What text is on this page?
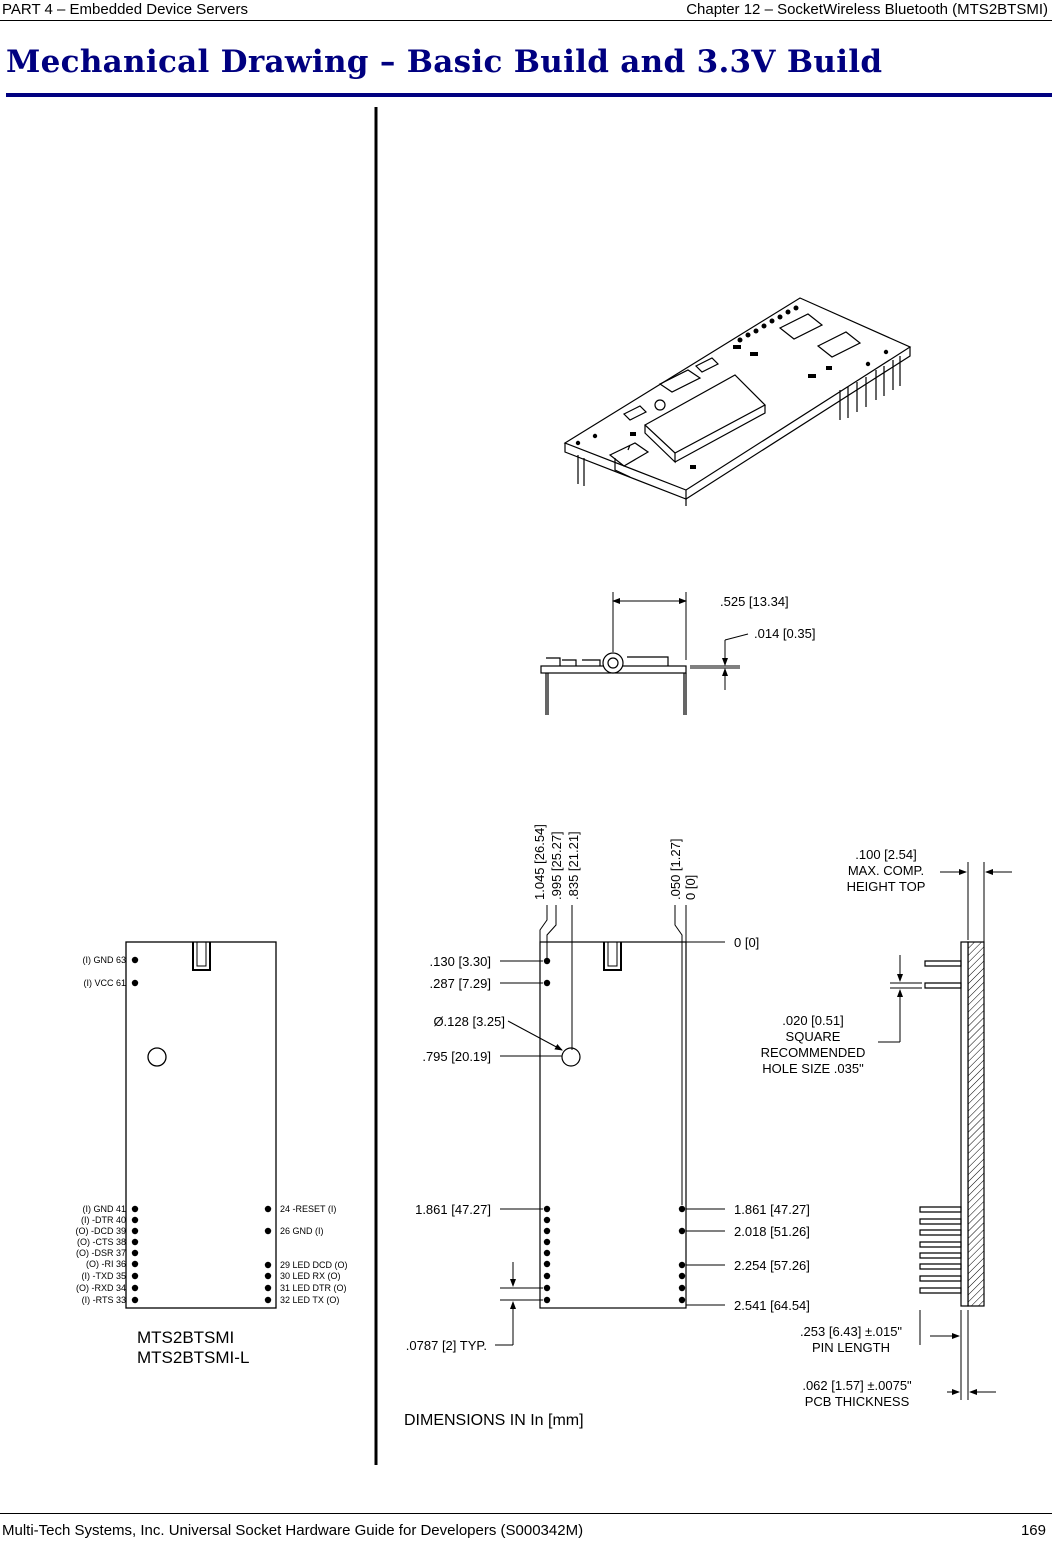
PART 4 – Embedded Device Servers	Chapter 12 – SocketWireless Bluetooth (MTS2BTSMI)
Mechanical Drawing – Basic Build and 3.3V Build
(I) GND 63
(I) VCC 61
(I) GND 41
(I) -DTR 40
(O) -DCD 39
(O) -CTS 38
(O) -DSR 37
(O) -RI 36
(I) -TXD 35
(O) -RXD 34
(I) -RTS 33
24 -RESET (I)
26 GND (I)
29 LED DCD (O)
30 LED RX (O)
31 LED DTR (O)
32 LED TX (O)
MTS2BTSMI
MTS2BTSMI-L
.525 [13.34]
.014 [0.35]
1.045 [26.54] .995 [25.27] .835 [21.21]	.050 [1.27] 0 [0]
.130 [3.30]
.287 [7.29]
Ø.128 [3.25]
.795 [20.19]
1.861 [47.27]
.0787 [2] TYP.
0 [0]
1.861 [47.27]
2.018 [51.26]
2.254 [57.26]
2.541 [64.54]
DIMENSIONS IN In [mm]
.100 [2.54]
MAX. COMP.
HEIGHT TOP
.020 [0.51]
SQUARE
RECOMMENDED
HOLE SIZE .035"
.253 [6.43] ±.015"
PIN LENGTH
.062 [1.57] ±.0075"
PCB THICKNESS
Multi-Tech Systems, Inc. Universal Socket Hardware Guide for Developers (S000342M)	169
